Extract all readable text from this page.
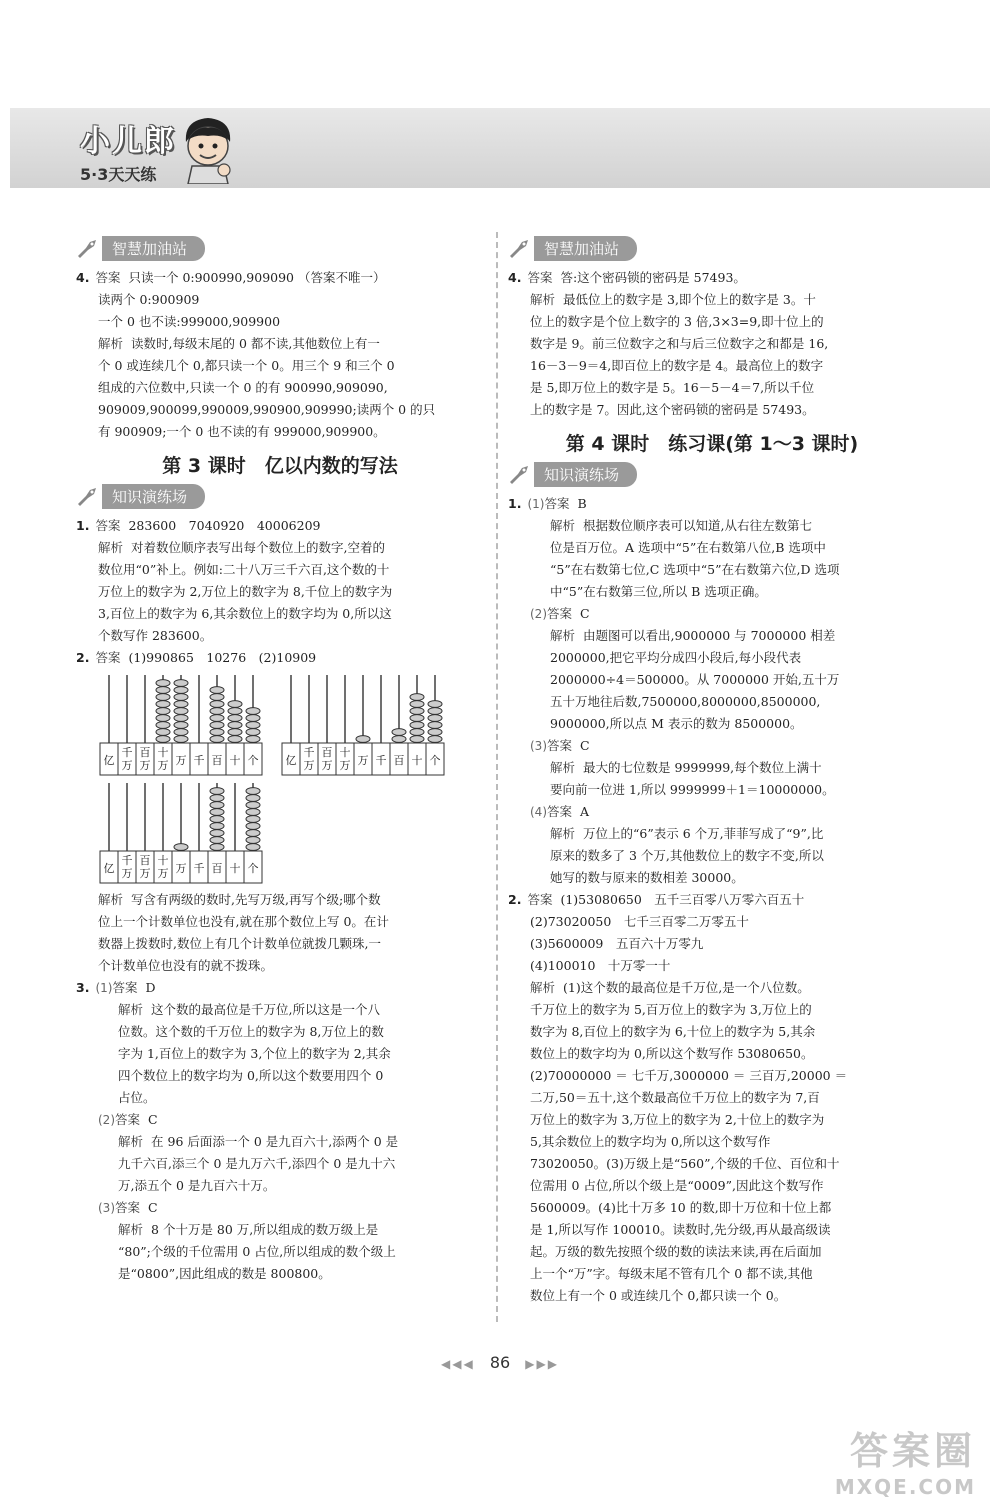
小儿郎
5·3天天练
智慧加油站

4. 答案 只读一个 0:900990,909090 （答案不唯一）

读两个 0:900909

一个 0 也不读:999000,909900

解析 读数时,每级末尾的 0 都不读,其他数位上有一

个 0 或连续几个 0,都只读一个 0。用三个 9 和三个 0

组成的六位数中,只读一个 0 的有 900990,909090,

909009,900099,990009,990900,909990;读两个 0 的只

有 900909;一个 0 也不读的有 999000,909900。

第 3 课时　亿以内数的写法
知识演练场

1. 答案 283600　7040920　40006209

解析 对着数位顺序表写出每个数位上的数字,空着的

数位用“0”补上。例如:二十八万三千六百,这个数的十

万位上的数字为 2,万位上的数字为 8,千位上的数字为

3,百位上的数字为 6,其余数位上的数字均为 0,所以这

个数写作 283600。

2. 答案 (1)990865　10276　(2)10909

亿
千
万
百
万
十
万 万 千 百 十 个 亿
千
万
百
万
十
万 万 千 百 十 个
亿
千
万
百
万
十
万 万 千 百 十 个

解析 写含有两级的数时,先写万级,再写个级;哪个数

位上一个计数单位也没有,就在那个数位上写 0。在计

数器上拨数时,数位上有几个计数单位就拨几颗珠,一

个计数单位也没有的就不拨珠。

3. (1)答案 D

解析 这个数的最高位是千万位,所以这是一个八

位数。这个数的千万位上的数字为 8,万位上的数

字为 1,百位上的数字为 3,个位上的数字为 2,其余

四个数位上的数字均为 0,所以这个数要用四个 0

占位。

(2)答案 C

解析 在 96 后面添一个 0 是九百六十,添两个 0 是

九千六百,添三个 0 是九万六千,添四个 0 是九十六

万,添五个 0 是九百六十万。

(3)答案 C

解析 8 个十万是 80 万,所以组成的数万级上是

“80”;个级的千位需用 0 占位,所以组成的数个级上

是“0800”,因此组成的数是 800800。

智慧加油站

4. 答案 答:这个密码锁的密码是 57493。

解析 最低位上的数字是 3,即个位上的数字是 3。十

位上的数字是个位上数字的 3 倍,3×3=9,即十位上的

数字是 9。前三位数字之和与后三位数字之和都是 16,

16－3－9＝4,即百位上的数字是 4。最高位上的数字

是 5,即万位上的数字是 5。16－5－4＝7,所以千位

上的数字是 7。因此,这个密码锁的密码是 57493。

第 4 课时　练习课(第 1～3 课时)
知识演练场

1. (1)答案 B

解析 根据数位顺序表可以知道,从右往左数第七

位是百万位。A 选项中“5”在右数第八位,B 选项中

“5”在右数第七位,C 选项中“5”在右数第六位,D 选项

中“5”在右数第三位,所以 B 选项正确。

(2)答案 C

解析 由题图可以看出,9000000 与 7000000 相差

2000000,把它平均分成四小段后,每小段代表

2000000÷4＝500000。从 7000000 开始,五十万

五十万地往后数,7500000,8000000,8500000,

9000000,所以点 M 表示的数为 8500000。

(3)答案 C

解析 最大的七位数是 9999999,每个数位上满十

要向前一位进 1,所以 9999999＋1＝10000000。

(4)答案 A

解析 万位上的“6”表示 6 个万,菲菲写成了“9”,比

原来的数多了 3 个万,其他数位上的数字不变,所以

她写的数与原来的数相差 30000。

2. 答案 (1)53080650　五千三百零八万零六百五十

(2)73020050　七千三百零二万零五十

(3)5600009　五百六十万零九

(4)100010　十万零一十

解析 (1)这个数的最高位是千万位,是一个八位数。

千万位上的数字为 5,百万位上的数字为 3,万位上的

数字为 8,百位上的数字为 6,十位上的数字为 5,其余

数位上的数字均为 0,所以这个数写作 53080650。

(2)70000000 ＝ 七千万,3000000 ＝ 三百万,20000 ＝

二万,50＝五十,这个数最高位千万位上的数字为 7,百

万位上的数字为 3,万位上的数字为 2,十位上的数字为

5,其余数位上的数字均为 0,所以这个数写作

73020050。(3)万级上是“560”,个级的千位、百位和十

位需用 0 占位,所以个级上是“0009”,因此这个数写作

5600009。(4)比十万多 10 的数,即十万位和十位上都

是 1,所以写作 100010。读数时,先分级,再从最高级读

起。万级的数先按照个级的数的读法来读,再在后面加

上一个“万”字。每级末尾不管有几个 0 都不读,其他

数位上有一个 0 或连续几个 0,都只读一个 0。

◀◀◀ 86 ▶▶▶
答案圈
MXQE.COM
